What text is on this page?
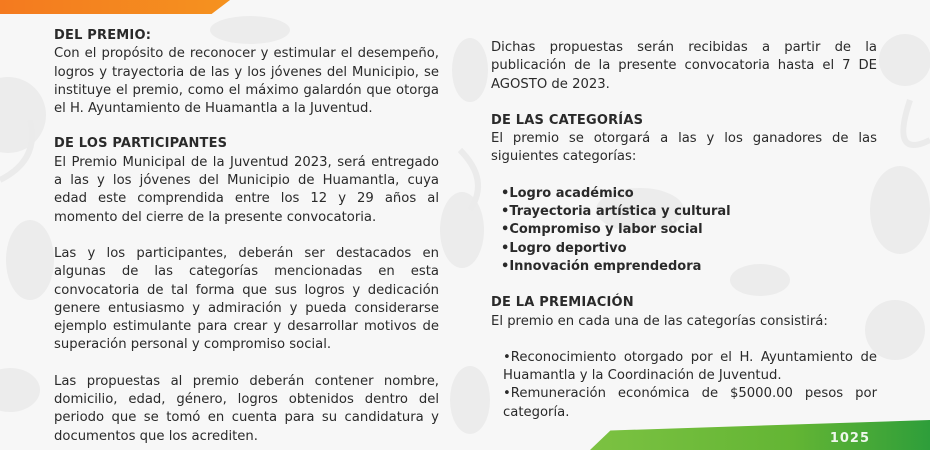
1025

DEL PREMIO:

Con el propósito de reconocer y estimular el desempeño, logros y trayectoria de las y los jóvenes del Municipio, se instituye el premio, como el máximo galardón que otorga el H. Ayuntamiento de Huamantla a la Juventud.

DE LOS PARTICIPANTES

El Premio Municipal de la Juventud 2023, será entregado a las y los jóvenes del Municipio de Huamantla, cuya edad este comprendida entre los 12 y 29 años al momento del cierre de la presente convocatoria.

Las y los participantes, deberán ser destacados en algunas de las categorías mencionadas en esta convocatoria de tal forma que sus logros y dedicación genere entusiasmo y admiración y pueda considerarse ejemplo estimulante para crear y desarrollar motivos de superación personal y compromiso social.

Las propuestas al premio deberán contener nombre, domicilio, edad, género, logros obtenidos dentro del periodo que se tomó en cuenta para su candidatura y documentos que los acrediten.

Dichas propuestas serán recibidas a partir de la publicación de la presente convocatoria hasta el 7 DE AGOSTO de 2023.

DE LAS CATEGORÍAS

El premio se otorgará a las y los ganadores de las siguientes categorías:

• Logro académico
• Trayectoria artística y cultural
• Compromiso y labor social
• Logro deportivo
• Innovación emprendedora

DE LA PREMIACIÓN

El premio en cada una de las categorías consistirá:

•Reconocimiento otorgado por el H. Ayuntamiento de Huamantla y la Coordinación de Juventud.

•Remuneración económica de $5000.00 pesos por categoría.
